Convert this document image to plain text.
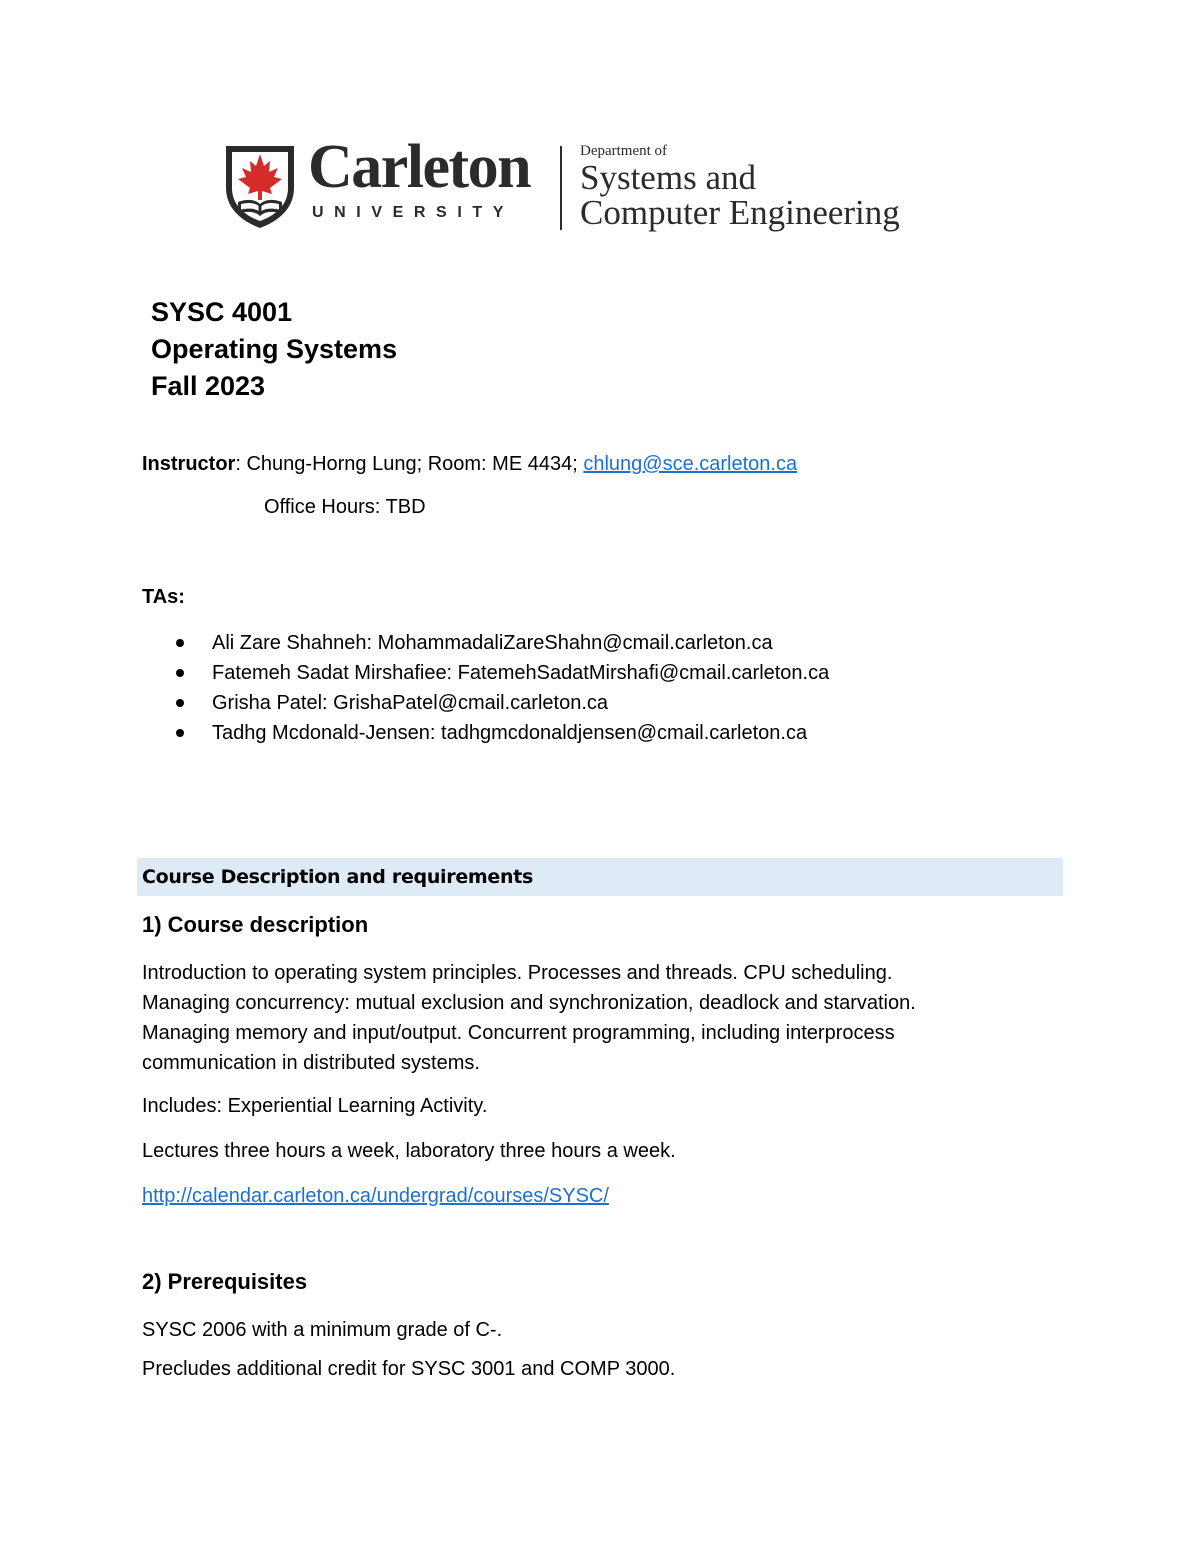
Carleton
UNIVERSITY
Department of
Systems and
Computer Engineering
SYSC 4001
Operating Systems
Fall 2023
Instructor: Chung-Horng Lung; Room: ME 4434; chlung@sce.carleton.ca
Office Hours: TBD
TAs:
Ali Zare Shahneh: MohammadaliZareShahn@cmail.carleton.ca
Fatemeh Sadat Mirshafiee: FatemehSadatMirshafi@cmail.carleton.ca
Grisha Patel: GrishaPatel@cmail.carleton.ca
Tadhg Mcdonald-Jensen: tadhgmcdonaldjensen@cmail.carleton.ca
Course Description and requirements
1) Course description
Introduction to operating system principles. Processes and threads. CPU scheduling.
Managing concurrency: mutual exclusion and synchronization, deadlock and starvation.
Managing memory and input/output. Concurrent programming, including interprocess
communication in distributed systems.
Includes: Experiential Learning Activity.
Lectures three hours a week, laboratory three hours a week.
http://calendar.carleton.ca/undergrad/courses/SYSC/
2) Prerequisites
SYSC 2006 with a minimum grade of C-.
Precludes additional credit for SYSC 3001 and COMP 3000.
